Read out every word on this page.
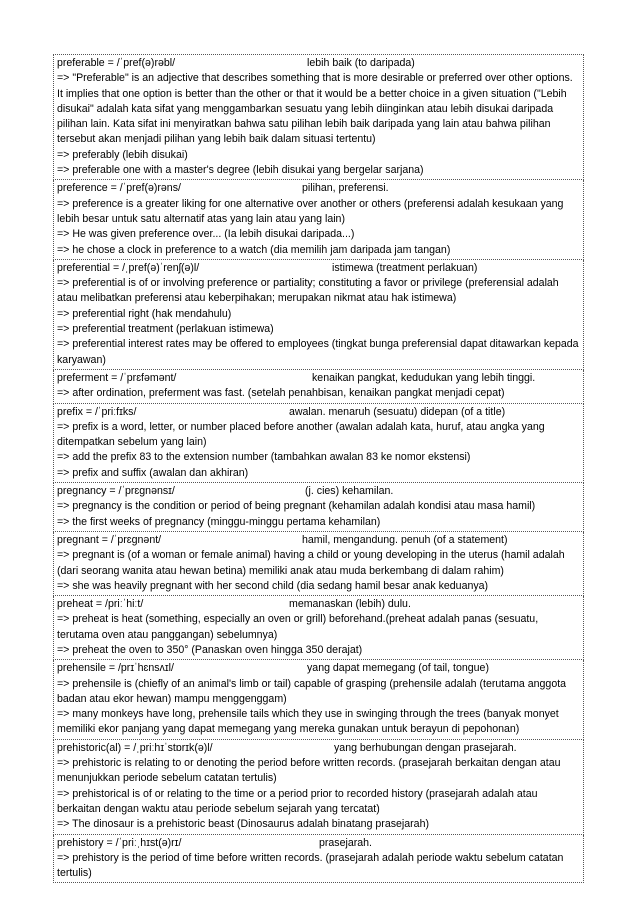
preferable = /ˈpref(ə)rəbl/	lebih baik (to daripada)
=> "Preferable" is an adjective that describes something that is more desirable or preferred over other options. It implies that one option is better than the other or that it would be a better choice in a given situation ("Lebih disukai" adalah kata sifat yang menggambarkan sesuatu yang lebih diinginkan atau lebih disukai daripada pilihan lain. Kata sifat ini menyiratkan bahwa satu pilihan lebih baik daripada yang lain atau bahwa pilihan tersebut akan menjadi pilihan yang lebih baik dalam situasi tertentu)
=> preferably (lebih disukai)
=> preferable one with a master's degree (lebih disukai yang bergelar sarjana)
preference = /ˈpref(ə)rəns/	pilihan, preferensi.
=> preference is a greater liking for one alternative over another or others (preferensi adalah kesukaan yang lebih besar untuk satu alternatif atas yang lain atau yang lain)
=> He was given preference over... (Ia lebih disukai daripada...)
=> he chose a clock in preference to a watch (dia memilih jam daripada jam tangan)
preferential = /ˌpref(ə)ˈrenʃ(ə)l/	istimewa (treatment perlakuan)
=> preferential is of or involving preference or partiality; constituting a favor or privilege (preferensial adalah atau melibatkan preferensi atau keberpihakan; merupakan nikmat atau hak istimewa)
=> preferential right (hak mendahulu)
=> preferential treatment (perlakuan istimewa)
=> preferential interest rates may be offered to employees (tingkat bunga preferensial dapat ditawarkan kepada karyawan)
preferment = /ˈprɛfəmənt/	kenaikan pangkat, kedudukan yang lebih tinggi.
=> after ordination, preferment was fast. (setelah penahbisan, kenaikan pangkat menjadi cepat)
prefix = /ˈpriːfɪks/	awalan. menaruh (sesuatu) didepan (of a title)
=> prefix is a word, letter, or number placed before another (awalan adalah kata, huruf, atau angka yang ditempatkan sebelum yang lain)
=> add the prefix 83 to the extension number (tambahkan awalan 83 ke nomor ekstensi)
=> prefix and suffix (awalan dan akhiran)
pregnancy = /ˈprɛgnənsɪ/	(j. cies) kehamilan.
=> pregnancy is the condition or period of being pregnant (kehamilan adalah kondisi atau masa hamil)
=> the first weeks of pregnancy (minggu-minggu pertama kehamilan)
pregnant = /ˈprɛgnənt/	hamil, mengandung. penuh (of a statement)
=> pregnant is (of a woman or female animal) having a child or young developing in the uterus (hamil adalah (dari seorang wanita atau hewan betina) memiliki anak atau muda berkembang di dalam rahim)
=> she was heavily pregnant with her second child (dia sedang hamil besar anak keduanya)
preheat = /priːˈhiːt/	memanaskan (lebih) dulu.
=> preheat is heat (something, especially an oven or grill) beforehand.(preheat adalah panas (sesuatu, terutama oven atau panggangan) sebelumnya)
=> preheat the oven to 350° (Panaskan oven hingga 350 derajat)
prehensile = /prɪˈhɛnsʌɪl/	yang dapat memegang (of tail, tongue)
=> prehensile is (chiefly of an animal's limb or tail) capable of grasping (prehensile adalah (terutama anggota badan atau ekor hewan) mampu menggenggam)
=> many monkeys have long, prehensile tails which they use in swinging through the trees (banyak monyet memiliki ekor panjang yang dapat memegang yang mereka gunakan untuk berayun di pepohonan)
prehistoric(al) = /ˌpriːhɪˈstɒrɪk(ə)l/	yang berhubungan dengan prasejarah.
=> prehistoric is relating to or denoting the period before written records. (prasejarah berkaitan dengan atau menunjukkan periode sebelum catatan tertulis)
=> prehistorical is of or relating to the time or a period prior to recorded history (prasejarah adalah atau berkaitan dengan waktu atau periode sebelum sejarah yang tercatat)
=> The dinosaur is a prehistoric beast (Dinosaurus adalah binatang prasejarah)
prehistory = /ˈpriːˌhɪst(ə)rɪ/	prasejarah.
=> prehistory is the period of time before written records. (prasejarah adalah periode waktu sebelum catatan tertulis)
